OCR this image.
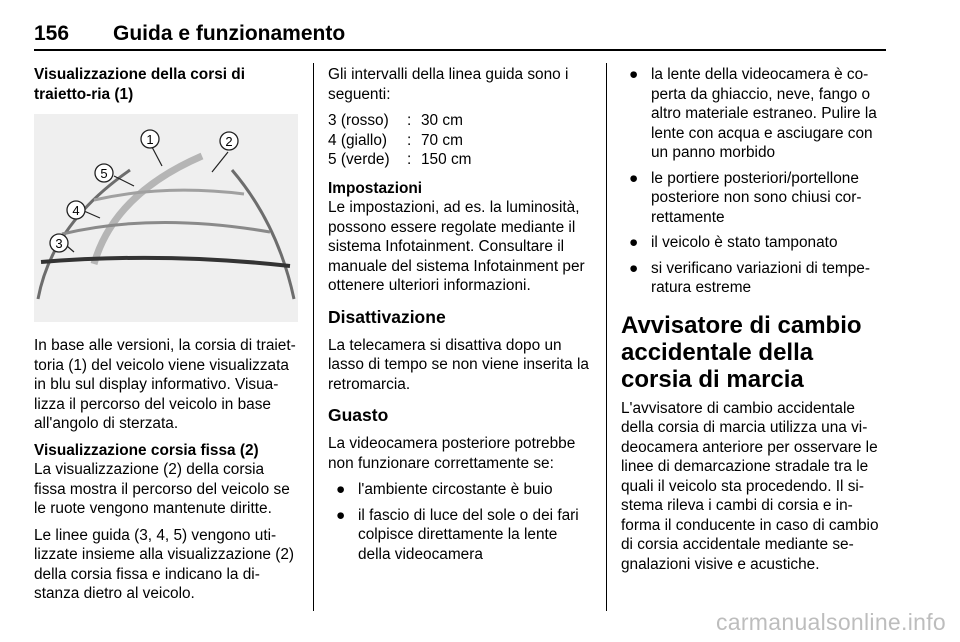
156 Guida e funzionamento

Visualizzazione della corsi di traietto-ria (1)

1	2
3
4
5

In base alle versioni, la corsia di traiet-toria (1) del veicolo viene visualizzata in blu sul display informativo. Visua-lizza il percorso del veicolo in base all'angolo di sterzata.

Visualizzazione corsia fissa (2)

La visualizzazione (2) della corsia fissa mostra il percorso del veicolo se le ruote vengono mantenute diritte.

Le linee guida (3, 4, 5) vengono uti-lizzate insieme alla visualizzazione (2) della corsia fissa e indicano la di-stanza dietro al veicolo.

Gli intervalli della linea guida sono i seguenti:

3 (rosso)	: 30 cm
4 (giallo)	: 70 cm
5 (verde)	: 150 cm

Impostazioni

Le impostazioni, ad es. la luminosità, possono essere regolate mediante il sistema Infotainment. Consultare il manuale del sistema Infotainment per ottenere ulteriori informazioni.

Disattivazione

La telecamera si disattiva dopo un lasso di tempo se non viene inserita la retromarcia.

Guasto

La videocamera posteriore potrebbe non funzionare correttamente se:

● l'ambiente circostante è buio
● il fascio di luce del sole o dei fari colpisce direttamente la lente della videocamera
● la lente della videocamera è co-perta da ghiaccio, neve, fango o altro materiale estraneo. Pulire la lente con acqua e asciugare con un panno morbido
● le portiere posteriori/portellone posteriore non sono chiusi cor-rettamente
● il veicolo è stato tamponato
● si verificano variazioni di tempe-ratura estreme

Avvisatore di cambio accidentale della corsia di marcia

L'avvisatore di cambio accidentale della corsia di marcia utilizza una vi-deocamera anteriore per osservare le linee di demarcazione stradale tra le quali il veicolo sta procedendo. Il si-stema rileva i cambi di corsia e in-forma il conducente in caso di cambio di corsia accidentale mediante se-gnalazioni visive e acustiche.

carmanualsonline.info
